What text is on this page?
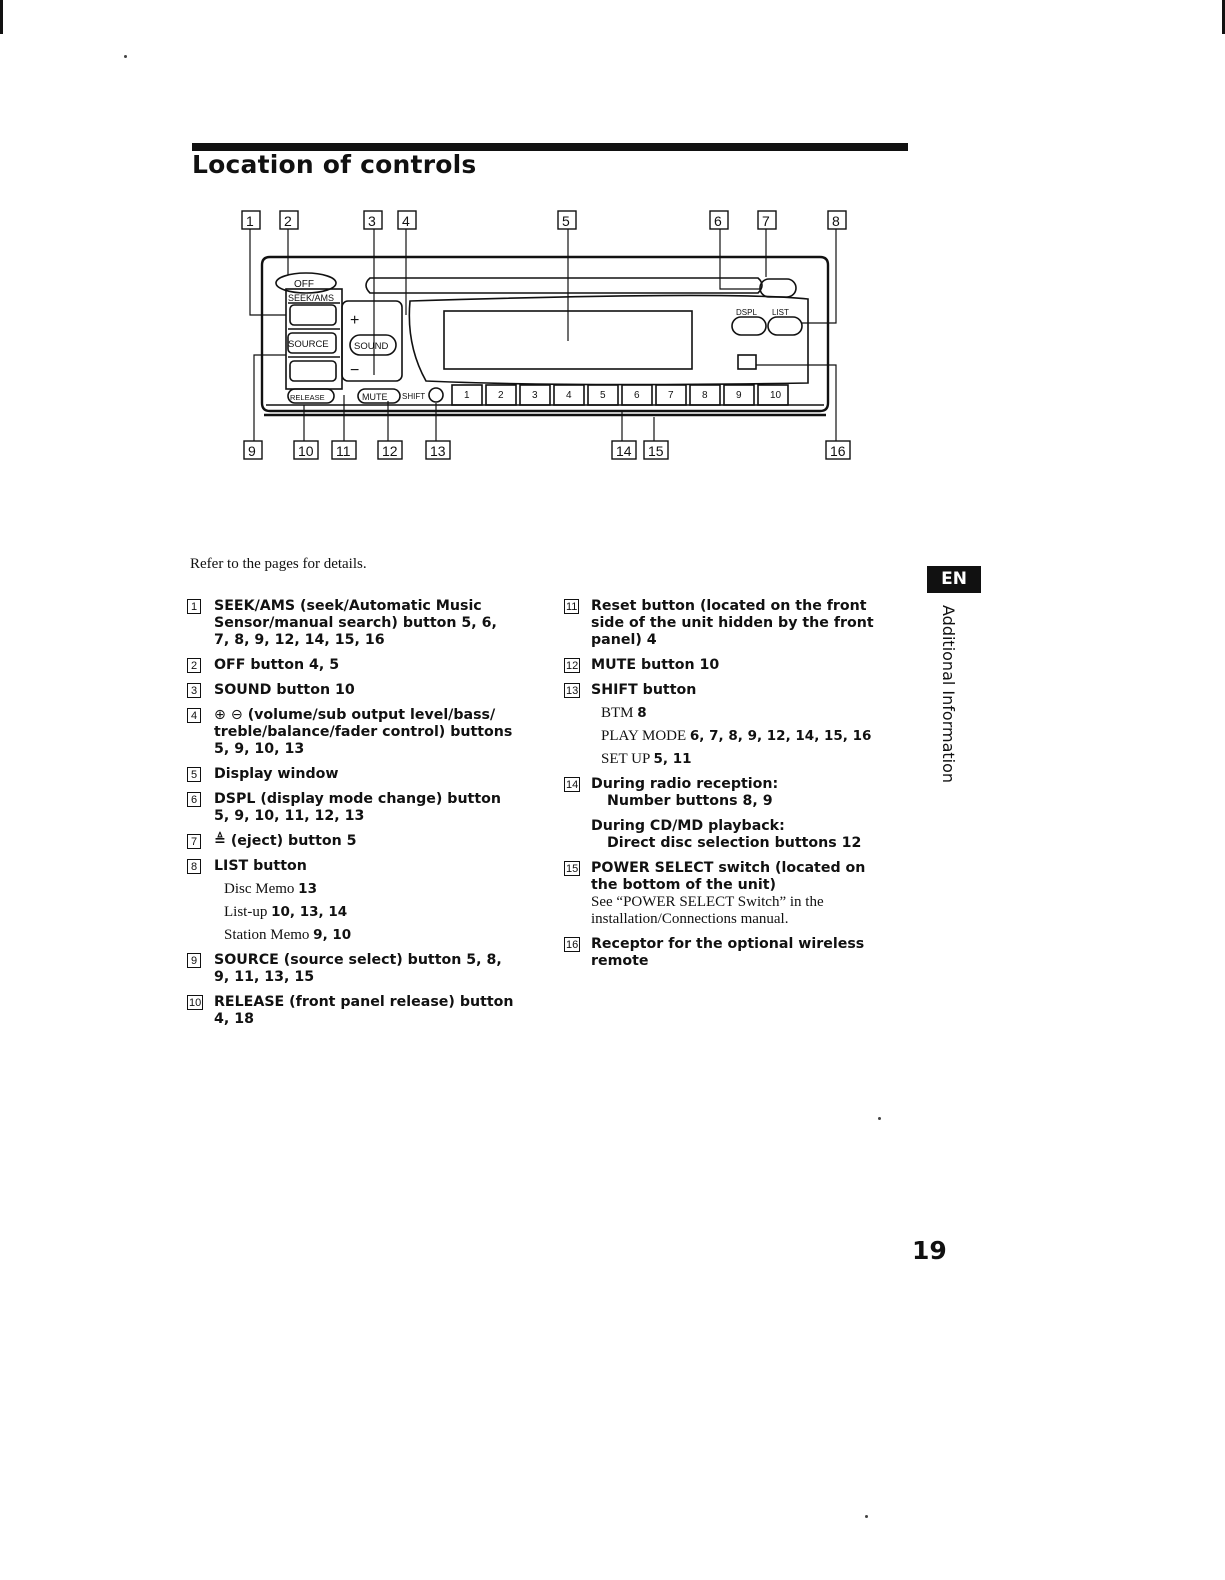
Location of controls
OFF
SEEK/AMS
SOURCE	SOUND
RELEASE	MUTE SHIFT
DSPL LIST
+
−
1	2	3	4	5	6	7	8	9	10
1 2	3 4	5	6	7	8
9	10 11 12 13	14 15	16
Refer to the pages for details.
1 SEEK/AMS (seek/Automatic Music Sensor/manual search) button 5, 6, 7, 8, 9, 12, 14, 15, 16
2 OFF button 4, 5
3 SOUND button 10
4 ⊕ ⊖ (volume/sub output level/bass/ treble/balance/fader control) buttons 5, 9, 10, 13
5 Display window
6 DSPL (display mode change) button 5, 9, 10, 11, 12, 13
7 ≜ (eject) button 5
8 LIST button
Disc Memo 13
List-up 10, 13, 14
Station Memo 9, 10
9 SOURCE (source select) button 5, 8, 9, 11, 13, 15
10 RELEASE (front panel release) button 4, 18
11 Reset button (located on the front side of the unit hidden by the front panel) 4
12 MUTE button 10
13 SHIFT button
BTM 8
PLAY MODE 6, 7, 8, 9, 12, 14, 15, 16
SET UP 5, 11
14 During radio reception:
Number buttons 8, 9
During CD/MD playback:
Direct disc selection buttons 12
15 POWER SELECT switch (located on the bottom of the unit)
See “POWER SELECT Switch” in the installation/Connections manual.
16 Receptor for the optional wireless remote
EN
Additional Information
19
